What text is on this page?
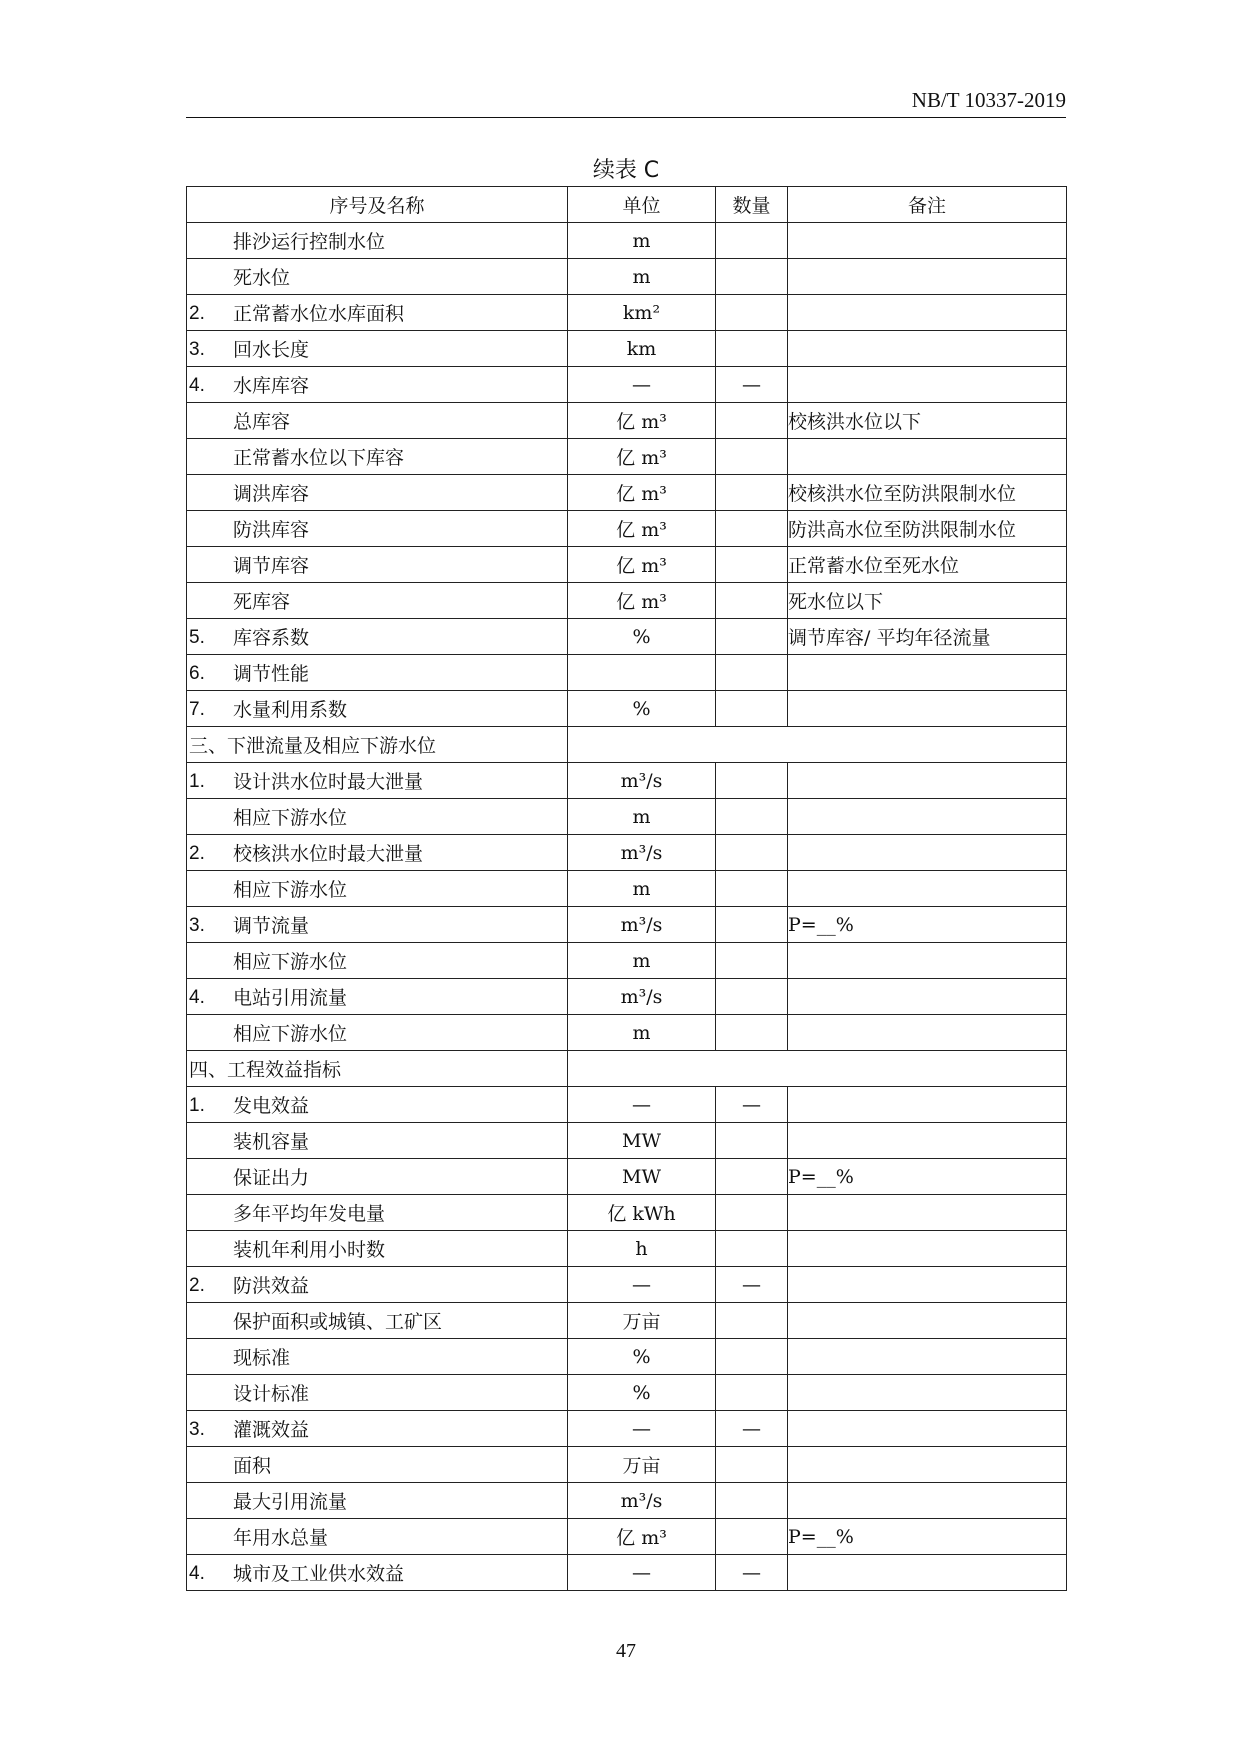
NB/T 10337-2019
续表 C
序号及名称	单位	数量	备注

排沙运行控制水位	m		

死水位	m		

2. 正常蓄水位水库面积	km²		

3. 回水长度	km		

4. 水库库容	—	—	

总库容	亿 m³		校核洪水位以下

正常蓄水位以下库容	亿 m³		

调洪库容	亿 m³		校核洪水位至防洪限制水位

防洪库容	亿 m³		防洪高水位至防洪限制水位

调节库容	亿 m³		正常蓄水位至死水位

死库容	亿 m³		死水位以下

5. 库容系数	%		调节库容/ 平均年径流量

6. 调节性能			

7. 水量利用系数	%		
三、下泄流量及相应下游水位			

1. 设计洪水位时最大泄量	m³/s		

相应下游水位	m		

2. 校核洪水位时最大泄量	m³/s		

相应下游水位	m		

3. 调节流量	m³/s		P=__%

相应下游水位	m		

4. 电站引用流量	m³/s		

相应下游水位	m		
四、工程效益指标			

1. 发电效益	—	—	

装机容量	MW		

保证出力	MW		P=__%

多年平均年发电量	亿 kWh		

装机年利用小时数	h		

2. 防洪效益	—	—	

保护面积或城镇、工矿区	万亩		

现标准	%		

设计标准	%		

3. 灌溉效益	—	—	

面积	万亩		

最大引用流量	m³/s		

年用水总量	亿 m³		P=__%

4. 城市及工业供水效益	—	—	
47
